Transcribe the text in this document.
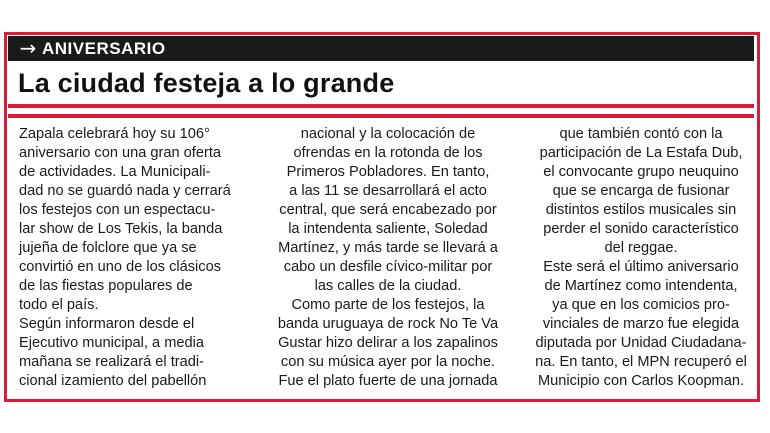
→ ANIVERSARIO
La ciudad festeja a lo grande
Zapala celebrará hoy su 106°
aniversario con una gran oferta
de actividades. La Municipali-
dad no se guardó nada y cerrará
los festejos con un espectacu-
lar show de Los Tekis, la banda
jujeña de folclore que ya se
convirtió en uno de los clásicos
de las fiestas populares de
todo el país.
Según informaron desde el
Ejecutivo municipal, a media
mañana se realizará el tradi-
cional izamiento del pabellón
nacional y la colocación de
ofrendas en la rotonda de los
Primeros Pobladores. En tanto,
a las 11 se desarrollará el acto
central, que será encabezado por
la intendenta saliente, Soledad
Martínez, y más tarde se llevará a
cabo un desfile cívico-militar por
las calles de la ciudad.
Como parte de los festejos, la
banda uruguaya de rock No Te Va
Gustar hizo delirar a los zapalinos
con su música ayer por la noche.
Fue el plato fuerte de una jornada
que también contó con la
participación de La Estafa Dub,
el convocante grupo neuquino
que se encarga de fusionar
distintos estilos musicales sin
perder el sonido característico
del reggae.
Este será el último aniversario
de Martínez como intendenta,
ya que en los comicios pro-
vinciales de marzo fue elegida
diputada por Unidad Ciudadana-
na. En tanto, el MPN recuperó el
Municipio con Carlos Koopman.
